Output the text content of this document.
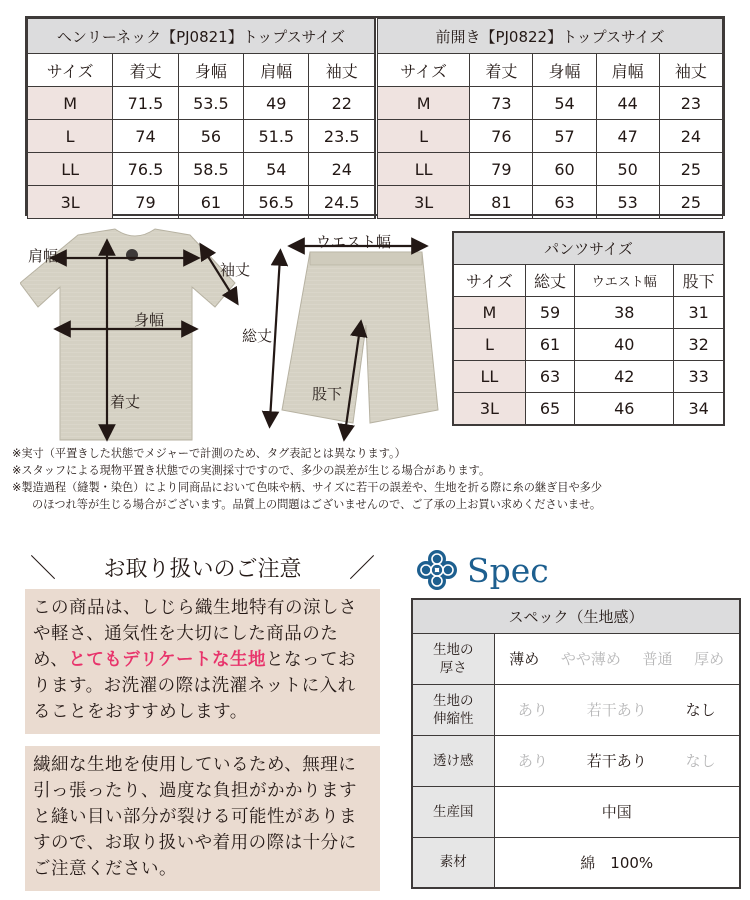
ヘンリーネック【PJ0821】トップスサイズ				
サイズ	着丈	身幅	肩幅	袖丈
M	71.5	53.5	49	22
L	74	56	51.5	23.5
LL	76.5	58.5	54	24
3L	79	61	56.5	24.5
前開き【PJ0822】トップスサイズ				
サイズ	着丈	身幅	肩幅	袖丈
M	73	54	44	23
L	76	57	47	24
LL	79	60	50	25
3L	81	63	53	25
肩幅
袖丈
身幅
着丈
ウエスト幅
総丈
股下
パンツサイズ			
サイズ	総丈	ウエスト幅	股下
M	59	38	31
L	61	40	32
LL	63	42	33
3L	65	46	34
※実寸（平置きした状態でメジャーで計測のため、タグ表記とは異なります。）
※スタッフによる現物平置き状態での実測採寸ですので、多少の誤差が生じる場合があります。
※製造過程（縫製・染色）により同商品において色味や柄、サイズに若干の誤差や、生地を折る際に糸の継ぎ目や多少
のほつれ等が生じる場合がございます。品質上の問題はございませんので、ご了承の上お買い求めくださいませ。
＼	お取り扱いのご注意	／
この商品は、しじら織生地特有の涼しさや軽さ、通気性を大切にした商品のため、とてもデリケートな生地となっております。お洗濯の際は洗濯ネットに入れることをおすすめします。
繊細な生地を使用しているため、無理に引っ張ったり、過度な負担がかかりますと縫い目い部分が裂ける可能性がありますので、お取り扱いや着用の際は十分にご注意ください。
Spec
スペック（生地感）	
生地の
厚さ	薄め やや薄め 普通 厚め

生地の
伸縮性	あり 若干あり なし

透け感	あり 若干あり なし

生産国	中国
素材	綿　100%
